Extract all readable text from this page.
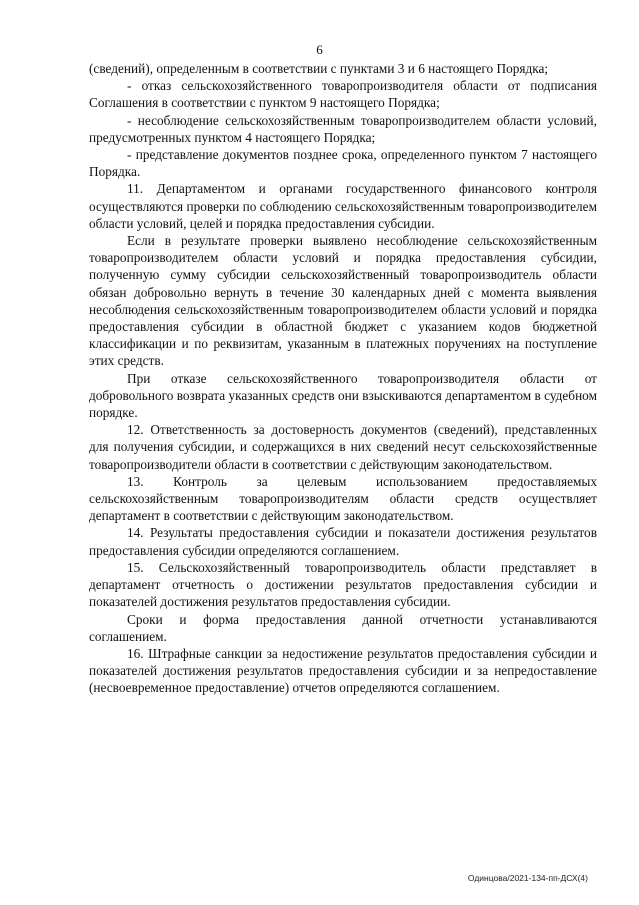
6

(сведений), определенным в соответствии с пунктами 3 и 6 настоящего Порядка;

- отказ сельскохозяйственного товаропроизводителя области от подписания Соглашения в соответствии с пунктом 9 настоящего Порядка;

- несоблюдение сельскохозяйственным товаропроизводителем области условий, предусмотренных пунктом 4 настоящего Порядка;

- представление документов позднее срока, определенного пунктом 7 настоящего Порядка.

11. Департаментом и органами государственного финансового контроля осуществляются проверки по соблюдению сельскохозяйственным товаропроизводителем области условий, целей и порядка предоставления субсидии.

Если в результате проверки выявлено несоблюдение сельскохозяйственным товаропроизводителем области условий и порядка предоставления субсидии, полученную сумму субсидии сельскохозяйственный товаропроизводитель области обязан добровольно вернуть в течение 30 календарных дней с момента выявления несоблюдения сельскохозяйственным товаропроизводителем области условий и порядка предоставления субсидии в областной бюджет с указанием кодов бюджетной классификации и по реквизитам, указанным в платежных поручениях на поступление этих средств.

При отказе сельскохозяйственного товаропроизводителя области от добровольного возврата указанных средств они взыскиваются департаментом в судебном порядке.

12. Ответственность за достоверность документов (сведений), представленных для получения субсидии, и содержащихся в них сведений несут сельскохозяйственные товаропроизводители области в соответствии с действующим законодательством.

13. Контроль за целевым использованием предоставляемых сельскохозяйственным товаропроизводителям области средств осуществляет департамент в соответствии с действующим законодательством.

14. Результаты предоставления субсидии и показатели достижения результатов предоставления субсидии определяются соглашением.

15. Сельскохозяйственный товаропроизводитель области представляет в департамент отчетность о достижении результатов предоставления субсидии и показателей достижения результатов предоставления субсидии.

Сроки и форма предоставления данной отчетности устанавливаются соглашением.

16. Штрафные санкции за недостижение результатов предоставления субсидии и показателей достижения результатов предоставления субсидии и за непредоставление (несвоевременное предоставление) отчетов определяются соглашением.

Одинцова/2021-134-пп-ДСХ(4)
